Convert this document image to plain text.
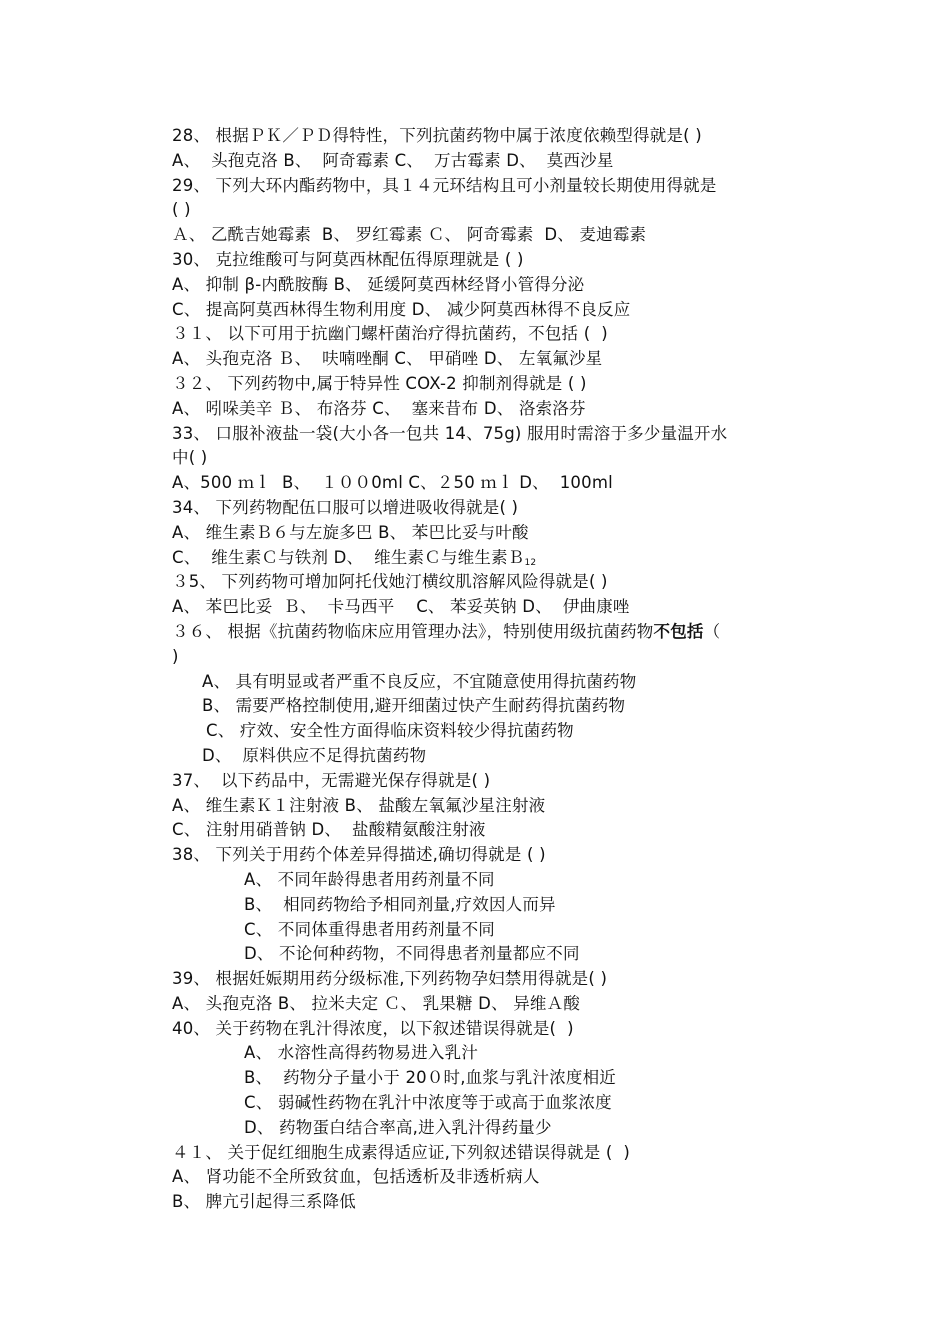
28、 根据ＰＫ／ＰＤ得特性，下列抗菌药物中属于浓度依赖型得就是( )
A、  头孢克洛 B、  阿奇霉素 C、  万古霉素 D、  莫西沙星
29、 下列大环内酯药物中，具１４元环结构且可小剂量较长期使用得就是
( )
Ａ、 乙酰吉她霉素  B、 罗红霉素 Ｃ、 阿奇霉素  D、 麦迪霉素
30、 克拉维酸可与阿莫西林配伍得原理就是 ( )
A、 抑制 β-内酰胺酶 B、 延缓阿莫西林经肾小管得分泌
C、 提高阿莫西林得生物利用度 D、 减少阿莫西林得不良反应
３１、 以下可用于抗幽门螺杆菌治疗得抗菌药，不包括 (  )
A、 头孢克洛 Ｂ、  呋喃唑酮 C、 甲硝唑 D、 左氧氟沙星
３２、 下列药物中,属于特异性 COX-2 抑制剂得就是 ( )
A、 吲哚美辛 Ｂ、 布洛芬 C、  塞来昔布 D、 洛索洛芬
33、 口服补液盐一袋(大小各一包共 14、75g) 服用时需溶于多少量温开水
中( )
A、500 ｍｌ  B、  １００0ml C、２50 ｍｌ D、  100ml
34、 下列药物配伍口服可以增进吸收得就是( )
A、 维生素Ｂ６与左旋多巴 B、 苯巴比妥与叶酸
C、  维生素Ｃ与铁剂 D、  维生素Ｃ与维生素Ｂ$_{12}$
３5、 下列药物可增加阿托伐她汀横纹肌溶解风险得就是( )
A、 苯巴比妥  Ｂ、  卡马西平    C、 苯妥英钠 D、  伊曲康唑
３６、 根据《抗菌药物临床应用管理办法》，特别使用级抗菌药物不包括（
)
A、 具有明显或者严重不良反应，不宜随意使用得抗菌药物
B、 需要严格控制使用,避开细菌过快产生耐药得抗菌药物
C、 疗效、安全性方面得临床资料较少得抗菌药物
D、  原料供应不足得抗菌药物
37、  以下药品中，无需避光保存得就是( )
A、 维生素Ｋ１注射液 B、 盐酸左氧氟沙星注射液
C、 注射用硝普钠 D、  盐酸精氨酸注射液
38、 下列关于用药个体差异得描述,确切得就是 ( )
A、 不同年龄得患者用药剂量不同
B、  相同药物给予相同剂量,疗效因人而异
C、 不同体重得患者用药剂量不同
D、 不论何种药物，不同得患者剂量都应不同
39、 根据妊娠期用药分级标准,下列药物孕妇禁用得就是( )
A、 头孢克洛 B、 拉米夫定 Ｃ、 乳果糖 D、 异维Ａ酸
40、 关于药物在乳汁得浓度，以下叙述错误得就是(  )
A、 水溶性高得药物易进入乳汁
B、  药物分子量小于 20０时,血浆与乳汁浓度相近
C、 弱碱性药物在乳汁中浓度等于或高于血浆浓度
D、 药物蛋白结合率高,进入乳汁得药量少
４１、 关于促红细胞生成素得适应证,下列叙述错误得就是 (  )
A、 肾功能不全所致贫血，包括透析及非透析病人
B、 脾亢引起得三系降低
